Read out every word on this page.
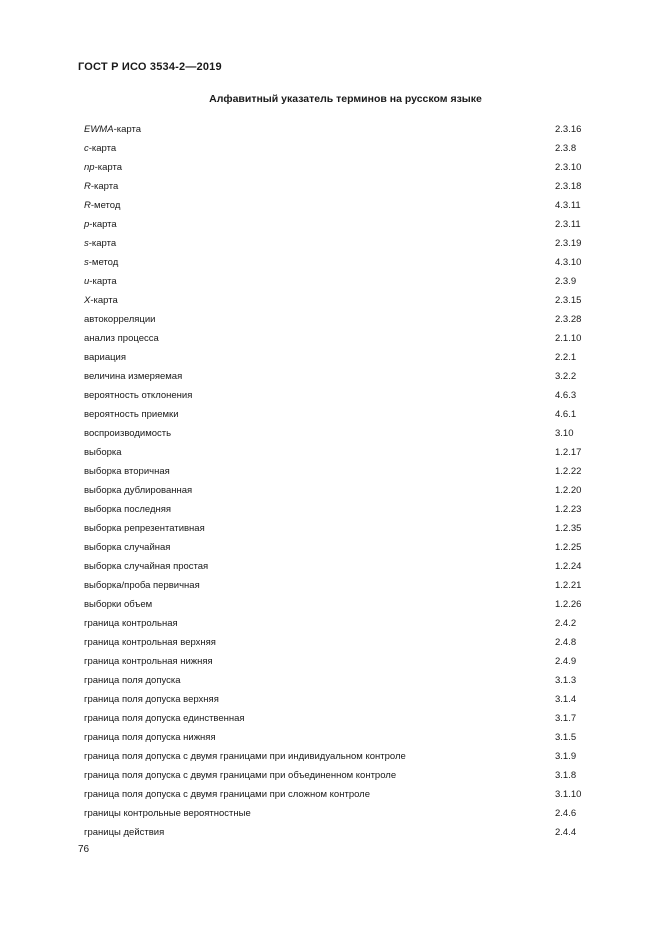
ГОСТ Р ИСО 3534-2—2019
Алфавитный указатель терминов на русском языке
EWMA-карта	2.3.16
c-карта	2.3.8
np-карта	2.3.10
R-карта	2.3.18
R-метод	4.3.11
p-карта	2.3.11
s-карта	2.3.19
s-метод	4.3.10
u-карта	2.3.9
X-карта	2.3.15
автокорреляции	2.3.28
анализ процесса	2.1.10
вариация	2.2.1
величина измеряемая	3.2.2
вероятность отклонения	4.6.3
вероятность приемки	4.6.1
воспроизводимость	3.10
выборка	1.2.17
выборка вторичная	1.2.22
выборка дублированная	1.2.20
выборка последняя	1.2.23
выборка репрезентативная	1.2.35
выборка случайная	1.2.25
выборка случайная простая	1.2.24
выборка/проба первичная	1.2.21
выборки объем	1.2.26
граница контрольная	2.4.2
граница контрольная верхняя	2.4.8
граница контрольная нижняя	2.4.9
граница поля допуска	3.1.3
граница поля допуска верхняя	3.1.4
граница поля допуска единственная	3.1.7
граница поля допуска нижняя	3.1.5
граница поля допуска с двумя границами при индивидуальном контроле	3.1.9
граница поля допуска с двумя границами при объединенном контроле	3.1.8
граница поля допуска с двумя границами при сложном контроле	3.1.10
границы контрольные вероятностные	2.4.6
границы действия	2.4.4
76
